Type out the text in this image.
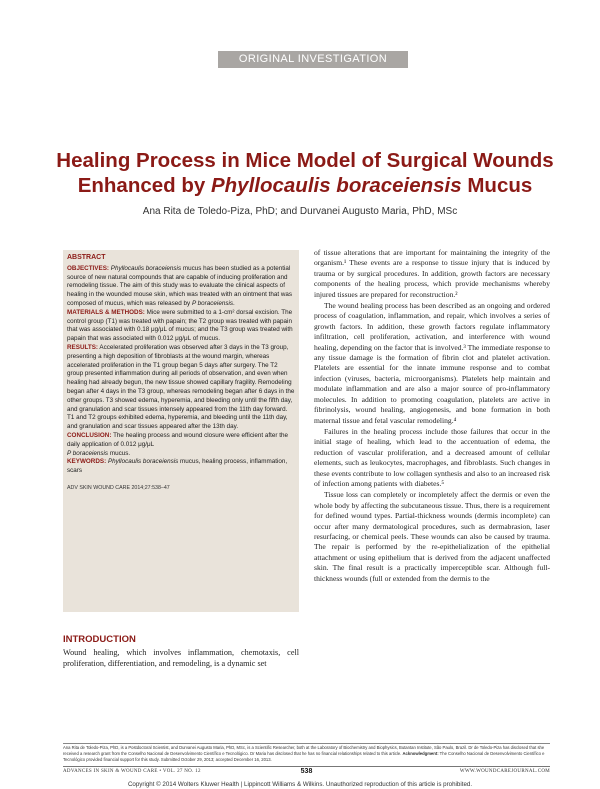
ORIGINAL INVESTIGATION
Healing Process in Mice Model of Surgical Wounds
Enhanced by Phyllocaulis boraceiensis Mucus
Ana Rita de Toledo-Piza, PhD; and Durvanei Augusto Maria, PhD, MSc
ABSTRACT

OBJECTIVES: Phyllocaulis boraceiensis mucus has been studied as a potential source of new natural compounds that are capable of inducing proliferation and remodeling tissue. The aim of this study was to evaluate the clinical aspects of healing in the wounded mouse skin, which was treated with an ointment that was composed of mucus, which was released by P boraceiensis.

MATERIALS & METHODS: Mice were submitted to a 1-cm² dorsal excision. The control group (T1) was treated with papain; the T2 group was treated with papain that was associated with 0.18 μg/μL of mucus; and the T3 group was treated with papain that was associated with 0.012 μg/μL of mucus.

RESULTS: Accelerated proliferation was observed after 3 days in the T3 group, presenting a high deposition of fibroblasts at the wound margin, whereas accelerated proliferation in the T1 group began 5 days after surgery. The T2 group presented inflammation during all periods of observation, and even when healing had already begun, the new tissue showed capillary fragility. Remodeling began after 4 days in the T3 group, whereas remodeling began after 6 days in the other groups. T3 showed edema, hyperemia, and bleeding only until the fifth day, and granulation and scar tissues intensely appeared from the 11th day forward. T1 and T2 groups exhibited edema, hyperemia, and bleeding until the 11th day, and granulation and scar tissues appeared after the 13th day.

CONCLUSION: The healing process and wound closure were efficient after the daily application of 0.012 μg/μL
P boraceiensis mucus.

KEYWORDS: Phyllocaulis boraceiensis mucus, healing process, inflammation, scars

ADV SKIN WOUND CARE 2014;27:538–47
INTRODUCTION

Wound healing, which involves inflammation, chemotaxis, cell proliferation, differentiation, and remodeling, is a dynamic set

of tissue alterations that are important for maintaining the integrity of the organism.¹ These events are a response to tissue injury that is induced by trauma or by surgical procedures. In addition, growth factors are necessary components of the healing process, which provide mechanisms whereby injured tissues are prepared for reconstruction.²

The wound healing process has been described as an ongoing and ordered process of coagulation, inflammation, and repair, which involves a series of growth factors. In addition, these growth factors regulate inflammatory infiltration, cell proliferation, activation, and interference with wound healing, depending on the factor that is involved.³ The immediate response to any tissue damage is the formation of fibrin clot and platelet activation. Platelets are essential for the innate immune response and to combat infection (viruses, bacteria, microorganisms). Platelets help maintain and modulate inflammation and are also a major source of pro-inflammatory molecules. In addition to promoting coagulation, platelets are active in fibrinolysis, wound healing, angiogenesis, and bone formation in both maternal tissue and fetal vascular remodeling.⁴

Failures in the healing process include those failures that occur in the initial stage of healing, which lead to the accentuation of edema, the reduction of vascular proliferation, and a decreased amount of cellular elements, such as leukocytes, macrophages, and fibroblasts. Such changes in these events contribute to low collagen synthesis and also to an increased risk of infection among patients with diabetes.⁵

Tissue loss can completely or incompletely affect the dermis or even the whole body by affecting the subcutaneous tissue. Thus, there is a requirement for defined wound types. Partial-thickness wounds (dermis incomplete) can occur after many dermatological procedures, such as dermabrasion, laser resurfacing, or chemical peels. These wounds can also be caused by trauma. The repair is performed by the re-epithelialization of the epithelial attachment or using epithelium that is derived from the adjacent unaffected skin. The final result is a practically imperceptible scar. Although full-thickness wounds (full or extended from the dermis to the

Ana Rita de Toledo-Piza, PhD, is a Postdoctoral Scientist, and Durvanei Augusto Maria, PhD, MSc, is a Scientific Researcher, both at the Laboratory of Biochemistry and Biophysics, Butantan Institute, São Paulo, Brazil. Dr de Toledo-Piza has disclosed that she received a research grant from the Conselho Nacional de Desenvolvimento Científico e Tecnológico. Dr Maria has disclosed that he has no financial relationships related to this article. Acknowledgment: The Conselho Nacional de Desenvolvimento Científico e Tecnológico provided financial support for this study. Submitted October 29, 2013; accepted December 16, 2013.

ADVANCES IN SKIN & WOUND CARE • VOL. 27 NO. 12	538	WWW.WOUNDCAREJOURNAL.COM
Copyright © 2014 Wolters Kluwer Health | Lippincott Williams & Wilkins. Unauthorized reproduction of this article is prohibited.
